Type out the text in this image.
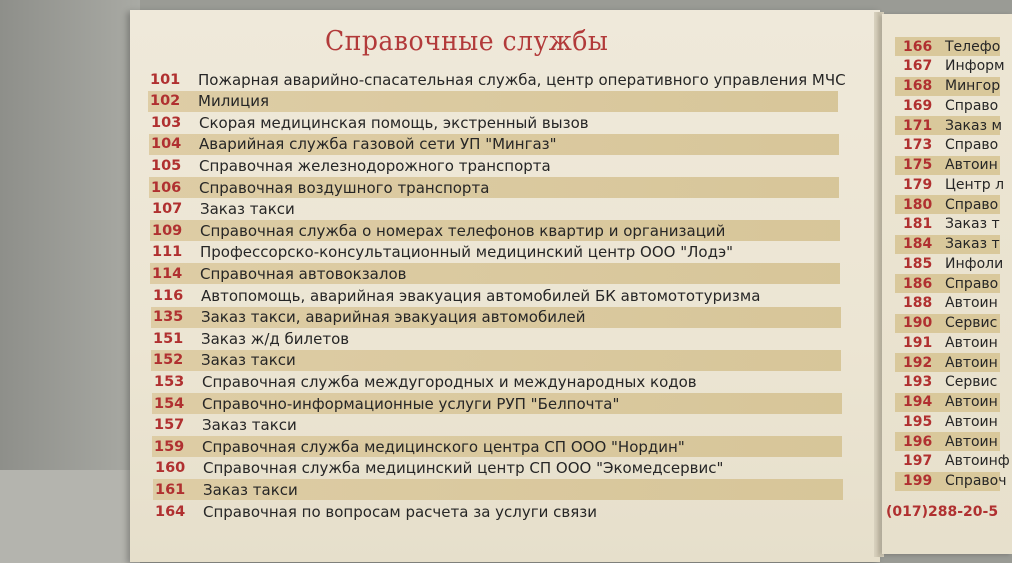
Справочные службы
101	Пожарная аварийно-спасательная служба, центр оперативного управления МЧС
102	Милиция
103	Скорая медицинская помощь, экстренный вызов
104	Аварийная служба газовой сети УП "Мингаз"
105	Справочная железнодорожного транспорта
106	Справочная воздушного транспорта
107	Заказ такси
109	Справочная служба о номерах телефонов квартир и организаций
111	Профессорско-консультационный медицинский центр ООО "Лодэ"
114	Справочная автовокзалов
116	Автопомощь, аварийная эвакуация автомобилей БК автомототуризма
135	Заказ такси, аварийная эвакуация автомобилей
151	Заказ ж/д билетов
152	Заказ такси
153	Справочная служба междугородных и международных кодов
154	Справочно-информационные услуги РУП "Белпочта"
157	Заказ такси
159	Справочная служба медицинского центра СП ООО "Нордин"
160	Справочная служба медицинский центр СП ООО "Экомедсервис"
161	Заказ такси
164	Справочная по вопросам расчета за услуги связи
166 Телефо
167 Информ
168 Мингор
169 Справо
171 Заказ м
173 Справо
175 Автоин
179 Центр л
180 Справо
181 Заказ т
184 Заказ т
185 Инфоли
186 Справо
188 Автоин
190 Сервис
191 Автоин
192 Автоин
193 Сервис
194 Автоин
195 Автоин
196 Автоин
197 Автоинф
199 Справоч
(017)288-20-5
